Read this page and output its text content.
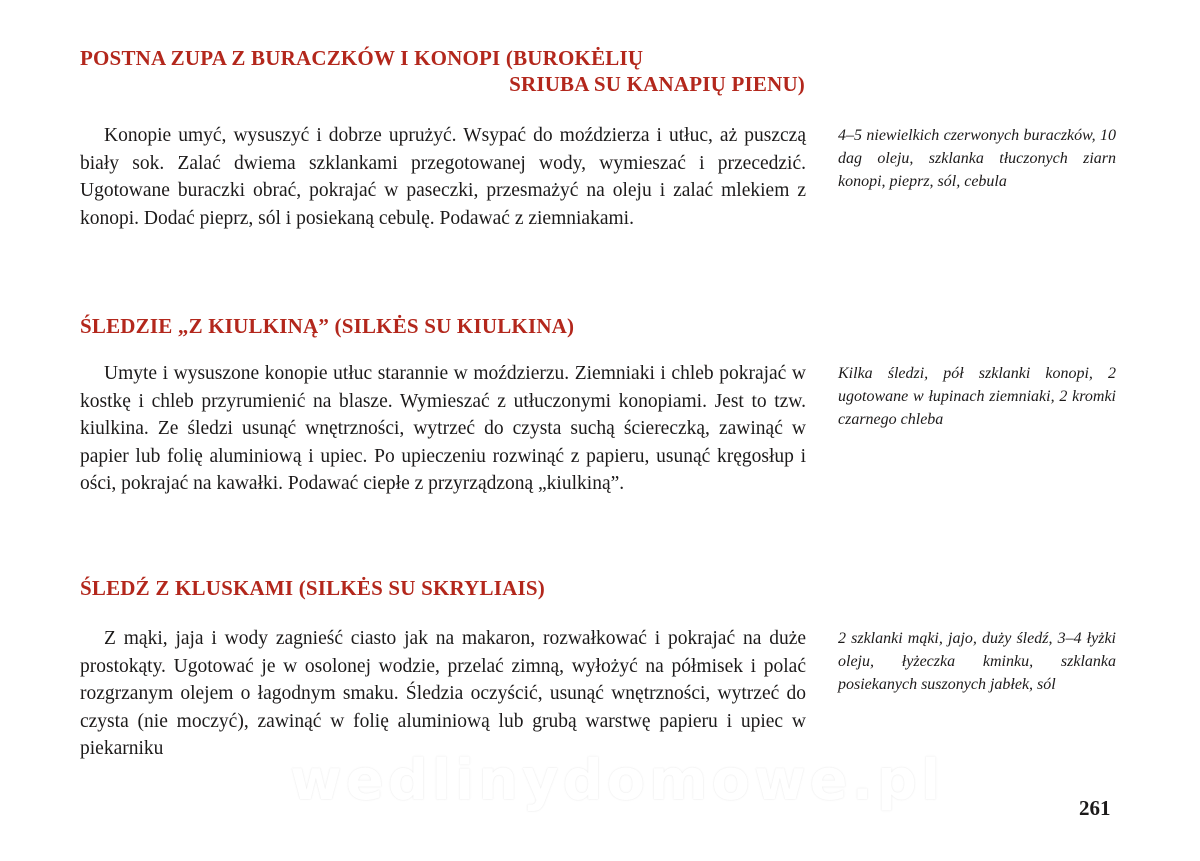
POSTNA ZUPA Z BURACZKÓW I KONOPI (BUROKĖLIŲ
SRIUBA SU KANAPIŲ PIENU)

Konopie umyć, wysuszyć i dobrze uprużyć. Wsypać do moździerza i utłuc, aż puszczą biały sok. Zalać dwiema szklankami przegotowanej wody, wymieszać i przecedzić. Ugotowane buraczki obrać, pokrajać w paseczki, przesmażyć na oleju i zalać mlekiem z konopi. Dodać pieprz, sól i posiekaną cebulę. Podawać z ziemniakami.

4–5 niewielkich czerwonych buraczków, 10 dag oleju, szklanka tłuczonych ziarn konopi, pieprz, sól, cebula

ŚLEDZIE „Z KIULKINĄ” (SILKĖS SU KIULKINA)

Umyte i wysuszone konopie utłuc starannie w moździerzu. Ziemniaki i chleb pokrajać w kostkę i chleb przyrumienić na blasze. Wymieszać z utłuczonymi konopiami. Jest to tzw. kiulkina. Ze śledzi usunąć wnętrzności, wytrzeć do czysta suchą ściereczką, zawinąć w papier lub folię aluminiową i upiec. Po upieczeniu rozwinąć z papieru, usunąć kręgosłup i ości, pokrajać na kawałki. Podawać ciepłe z przyrządzoną „kiulkiną”.

Kilka śledzi, pół szklanki konopi, 2 ugotowane w łupinach ziemniaki, 2 kromki czarnego chleba

ŚLEDŹ Z KLUSKAMI (SILKĖS SU SKRYLIAIS)

Z mąki, jaja i wody zagnieść ciasto jak na makaron, rozwałkować i pokrajać na duże prostokąty. Ugotować je w osolonej wodzie, przelać zimną, wyłożyć na półmisek i polać rozgrzanym olejem o łagodnym smaku. Śledzia oczyścić, usunąć wnętrzności, wytrzeć do czysta (nie moczyć), zawinąć w folię aluminiową lub grubą warstwę papieru i upiec w piekarniku

2 szklanki mąki, jajo, duży śledź, 3–4 łyżki oleju, łyżeczka kminku, szklanka posiekanych suszonych jabłek, sól

wedlinydomowe.pl	261
